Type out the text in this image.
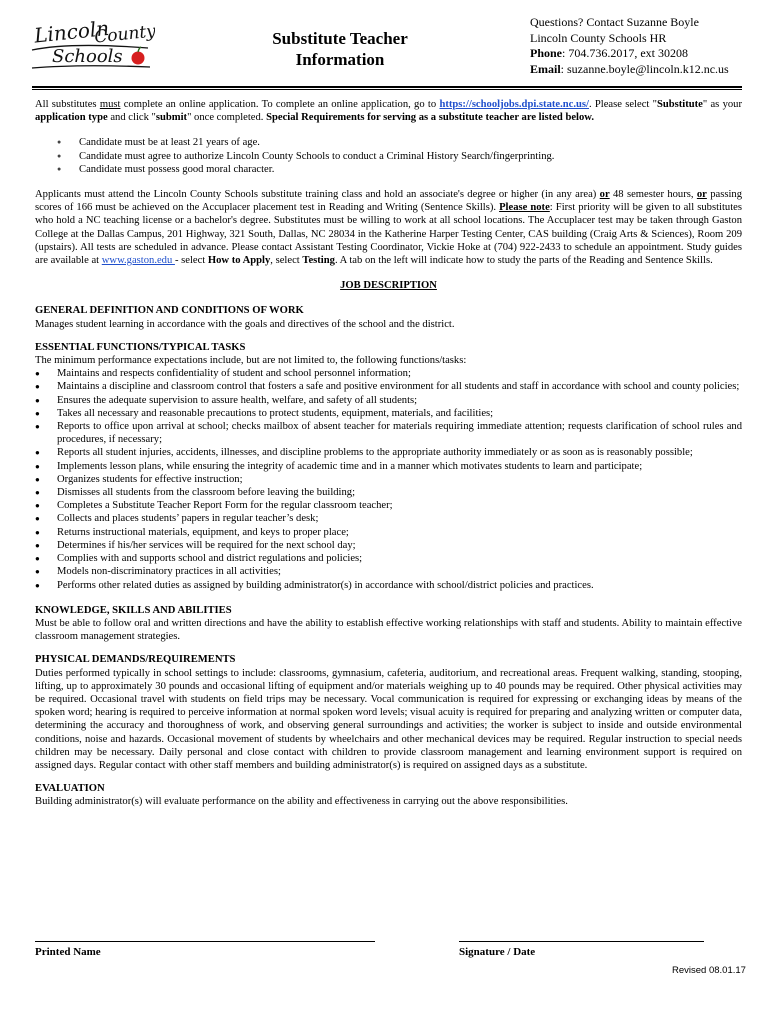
Lincoln
County
Schools
Substitute Teacher
Information
Questions? Contact Suzanne Boyle
Lincoln County Schools HR
Phone: 704.736.2017, ext 30208
Email: suzanne.boyle@lincoln.k12.nc.us

All substitutes must complete an online application. To complete an online application, go to https://schooljobs.dpi.state.nc.us/. Please select "Substitute" as your application type and click "submit" once completed. Special Requirements for serving as a substitute teacher are listed below.

● Candidate must be at least 21 years of age.
● Candidate must agree to authorize Lincoln County Schools to conduct a Criminal History Search/fingerprinting.
● Candidate must possess good moral character.

Applicants must attend the Lincoln County Schools substitute training class and hold an associate's degree or higher (in any area) or 48 semester hours, or passing scores of 166 must be achieved on the Accuplacer placement test in Reading and Writing (Sentence Skills). Please note: First priority will be given to all substitutes who hold a NC teaching license or a bachelor's degree. Substitutes must be willing to work at all school locations. The Accuplacer test may be taken through Gaston College at the Dallas Campus, 201 Highway, 321 South, Dallas, NC 28034 in the Katherine Harper Testing Center, CAS building (Craig Arts & Sciences), Room 209 (upstairs). All tests are scheduled in advance. Please contact Assistant Testing Coordinator, Vickie Hoke at (704) 922-2433 to schedule an appointment. Study guides are available at www.gaston.edu - select How to Apply, select Testing. A tab on the left will indicate how to study the parts of the Reading and Sentence Skills.

JOB DESCRIPTION
GENERAL DEFINITION AND CONDITIONS OF WORK

Manages student learning in accordance with the goals and directives of the school and the district.

ESSENTIAL FUNCTIONS/TYPICAL TASKS

The minimum performance expectations include, but are not limited to, the following functions/tasks:

● Maintains and respects confidentiality of student and school personnel information;
● Maintains a discipline and classroom control that fosters a safe and positive environment for all students and staff in accordance with school and county policies;
● Ensures the adequate supervision to assure health, welfare, and safety of all students;
● Takes all necessary and reasonable precautions to protect students, equipment, materials, and facilities;
● Reports to office upon arrival at school; checks mailbox of absent teacher for materials requiring immediate attention; requests clarification of school rules and procedures, if necessary;
● Reports all student injuries, accidents, illnesses, and discipline problems to the appropriate authority immediately or as soon as is reasonably possible;
● Implements lesson plans, while ensuring the integrity of academic time and in a manner which motivates students to learn and participate;
● Organizes students for effective instruction;
● Dismisses all students from the classroom before leaving the building;
● Completes a Substitute Teacher Report Form for the regular classroom teacher;
● Collects and places students’ papers in regular teacher’s desk;
● Returns instructional materials, equipment, and keys to proper place;
● Determines if his/her services will be required for the next school day;
● Complies with and supports school and district regulations and policies;
● Models non-discriminatory practices in all activities;
● Performs other related duties as assigned by building administrator(s) in accordance with school/district policies and practices.
KNOWLEDGE, SKILLS AND ABILITIES

Must be able to follow oral and written directions and have the ability to establish effective working relationships with staff and students. Ability to maintain effective classroom management strategies.

PHYSICAL DEMANDS/REQUIREMENTS

Duties performed typically in school settings to include: classrooms, gymnasium, cafeteria, auditorium, and recreational areas. Frequent walking, standing, stooping, lifting, up to approximately 30 pounds and occasional lifting of equipment and/or materials weighing up to 40 pounds may be required. Other physical activities may be required. Occasional travel with students on field trips may be necessary. Vocal communication is required for expressing or exchanging ideas by means of the spoken word; hearing is required to perceive information at normal spoken word levels; visual acuity is required for preparing and analyzing written or computer data, determining the accuracy and thoroughness of work, and observing general surroundings and activities; the worker is subject to inside and outside environmental conditions, noise and hazards. Occasional movement of students by wheelchairs and other mechanical devices may be required. Regular instruction to special needs children may be necessary. Daily personal and close contact with children to provide classroom management and learning environment support is required on assigned days. Regular contact with other staff members and building administrator(s) is required on assigned days as a substitute.

EVALUATION

Building administrator(s) will evaluate performance on the ability and effectiveness in carrying out the above responsibilities.

Printed Name	Signature / Date
Revised 08.01.17
